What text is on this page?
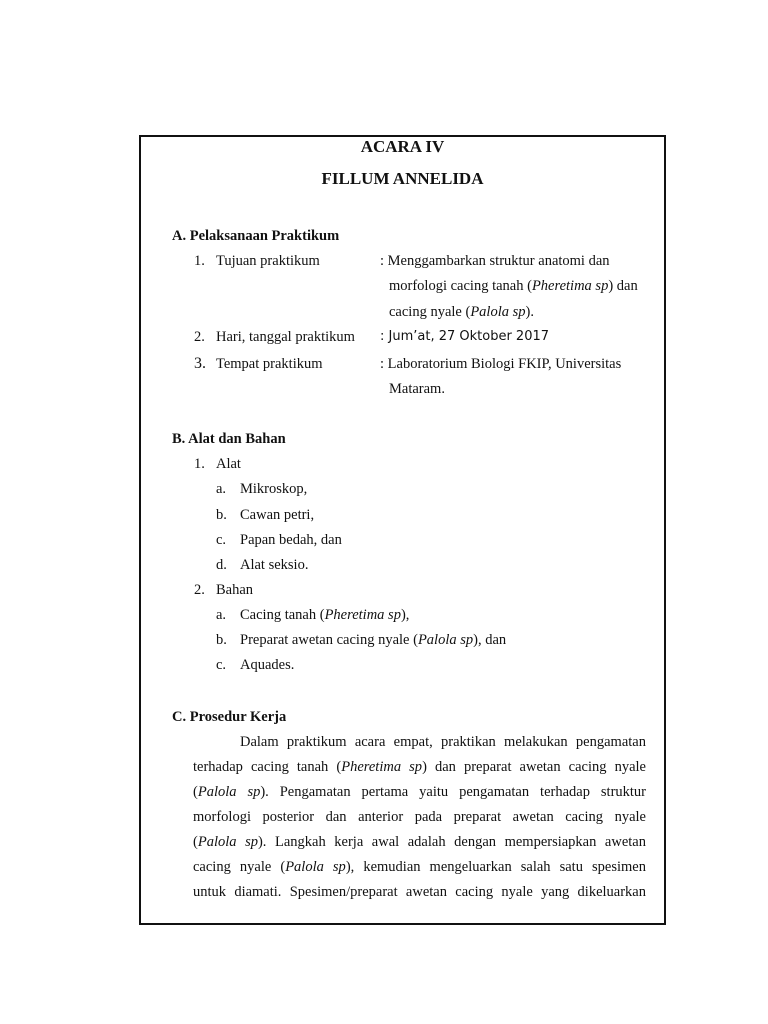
ACARA IV
FILLUM ANNELIDA
A. Pelaksanaan Praktikum
1. Tujuan praktikum	: Menggambarkan struktur anatomi dan
morfologi cacing tanah (Pheretima sp) dan
cacing nyale (Palola sp).
2. Hari, tanggal praktikum : Jum’at, 27 Oktober 2017
3. Tempat praktikum	: Laboratorium Biologi FKIP, Universitas
Mataram.
B. Alat dan Bahan
1. Alat
a. Mikroskop,
b. Cawan petri,
c. Papan bedah, dan
d. Alat seksio.
2. Bahan
a. Cacing tanah (Pheretima sp),
b. Preparat awetan cacing nyale (Palola sp), dan
c. Aquades.
C. Prosedur Kerja
Dalam praktikum acara empat, praktikan melakukan pengamatan
terhadap cacing tanah (Pheretima sp) dan preparat awetan cacing nyale
(Palola sp). Pengamatan pertama yaitu pengamatan terhadap struktur
morfologi posterior dan anterior pada preparat awetan cacing nyale
(Palola sp). Langkah kerja awal adalah dengan mempersiapkan awetan
cacing nyale (Palola sp), kemudian mengeluarkan salah satu spesimen
untuk diamati. Spesimen/preparat awetan cacing nyale yang dikeluarkan
